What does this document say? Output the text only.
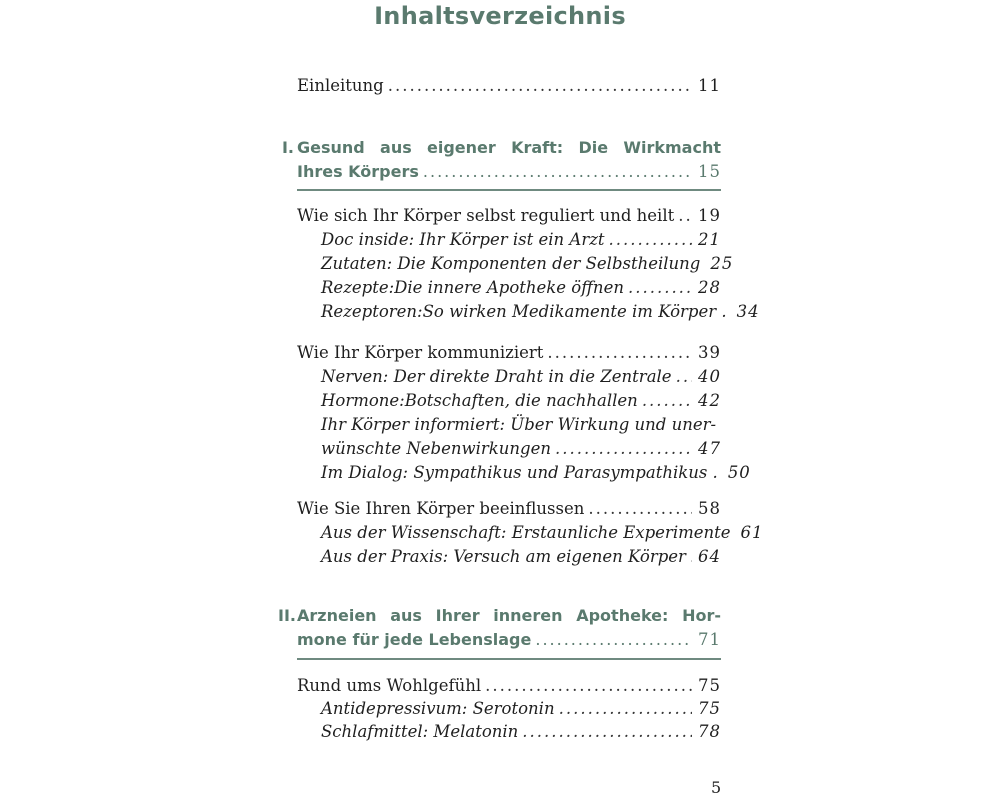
Inhaltsverzeichnis
Einleitung .....	11
I. Gesund aus eigener Kraft: Die Wirkmacht
Ihres Körpers .....	15
Wie sich Ihr Körper selbst reguliert und heilt ..... 19
Doc inside: Ihr Körper ist ein Arzt .....	21
Zutaten: Die Komponenten der Selbstheilung 25
Rezepte:Die innere Apotheke öffnen .....	28
Rezeptoren:So wirken Medikamente im Körper . 34
Wie Ihr Körper kommuniziert .....	39
Nerven: Der direkte Draht in die Zentrale ..... 40
Hormone:Botschaften, die nachhallen .....	42
Ihr Körper informiert: Über Wirkung und uner-
wünschte Nebenwirkungen .....	47
Im Dialog: Sympathikus und Parasympathikus . 50
Wie Sie Ihren Körper beeinflussen .....	58
Aus der Wissenschaft: Erstaunliche Experimente 61
Aus der Praxis: Versuch am eigenen Körper ..... 64
II. Arzneien aus Ihrer inneren Apotheke: Hor-
mone für jede Lebenslage .....	71
Rund ums Wohlgefühl .....	75
Antidepressivum: Serotonin .....	75
Schlafmittel: Melatonin .....	78
5
